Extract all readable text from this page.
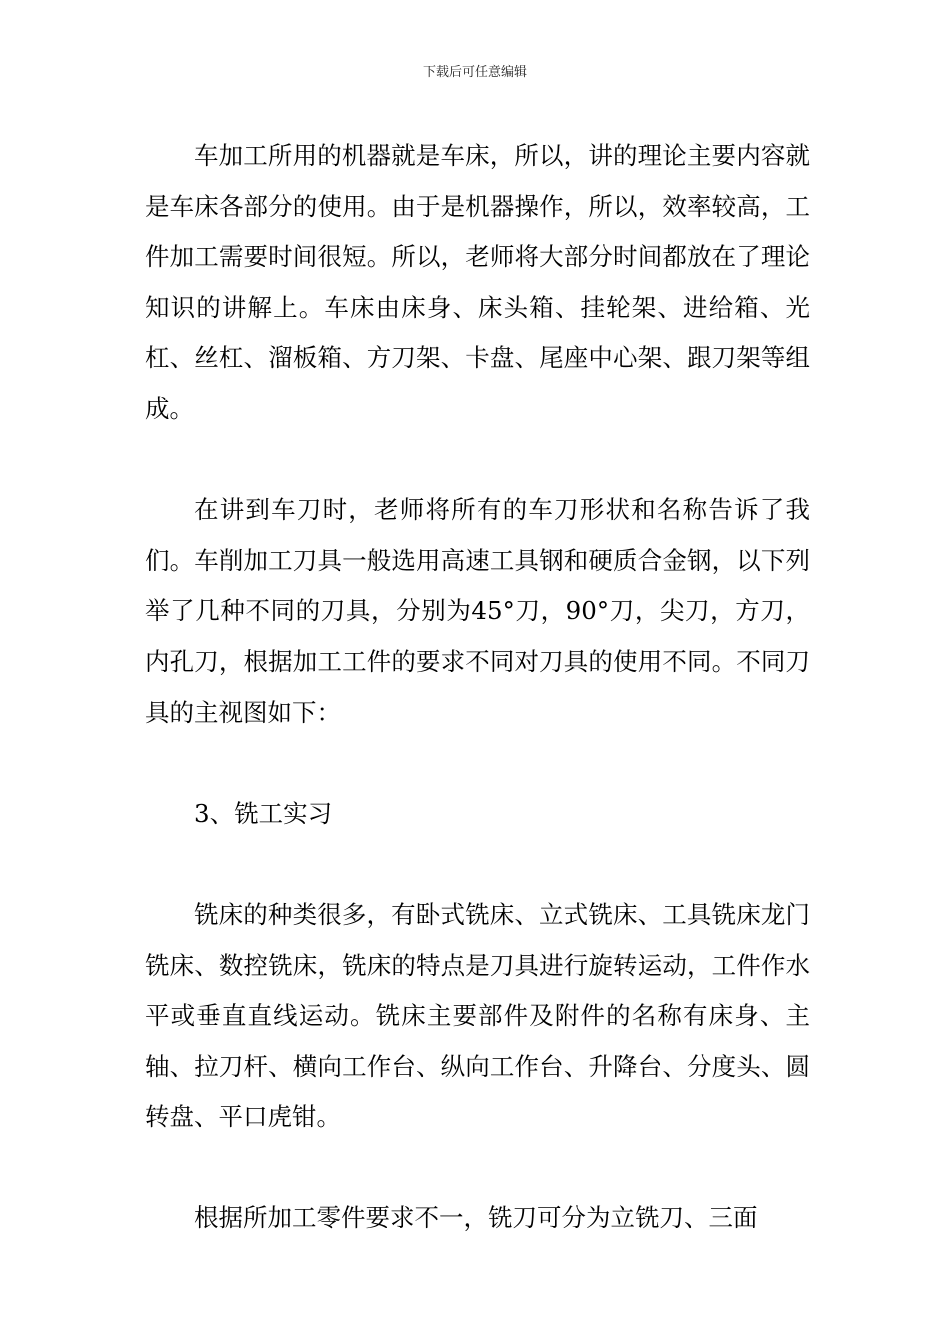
下载后可任意编辑

车加工所用的机器就是车床，所以，讲的理论主要内容就是车床各部分的使用。由于是机器操作，所以，效率较高，工件加工需要时间很短。所以，老师将大部分时间都放在了理论知识的讲解上。车床由床身、床头箱、挂轮架、进给箱、光杠、丝杠、溜板箱、方刀架、卡盘、尾座中心架、跟刀架等组成。

在讲到车刀时，老师将所有的车刀形状和名称告诉了我们。车削加工刀具一般选用高速工具钢和硬质合金钢，以下列举了几种不同的刀具，分别为45°刀，90°刀，尖刀，方刀，内孔刀，根据加工工件的要求不同对刀具的使用不同。不同刀具的主视图如下：

3、铣工实习

铣床的种类很多，有卧式铣床、立式铣床、工具铣床龙门铣床、数控铣床，铣床的特点是刀具进行旋转运动，工件作水平或垂直直线运动。铣床主要部件及附件的名称有床身、主轴、拉刀杆、横向工作台、纵向工作台、升降台、分度头、圆转盘、平口虎钳。

根据所加工零件要求不一，铣刀可分为立铣刀、三面
